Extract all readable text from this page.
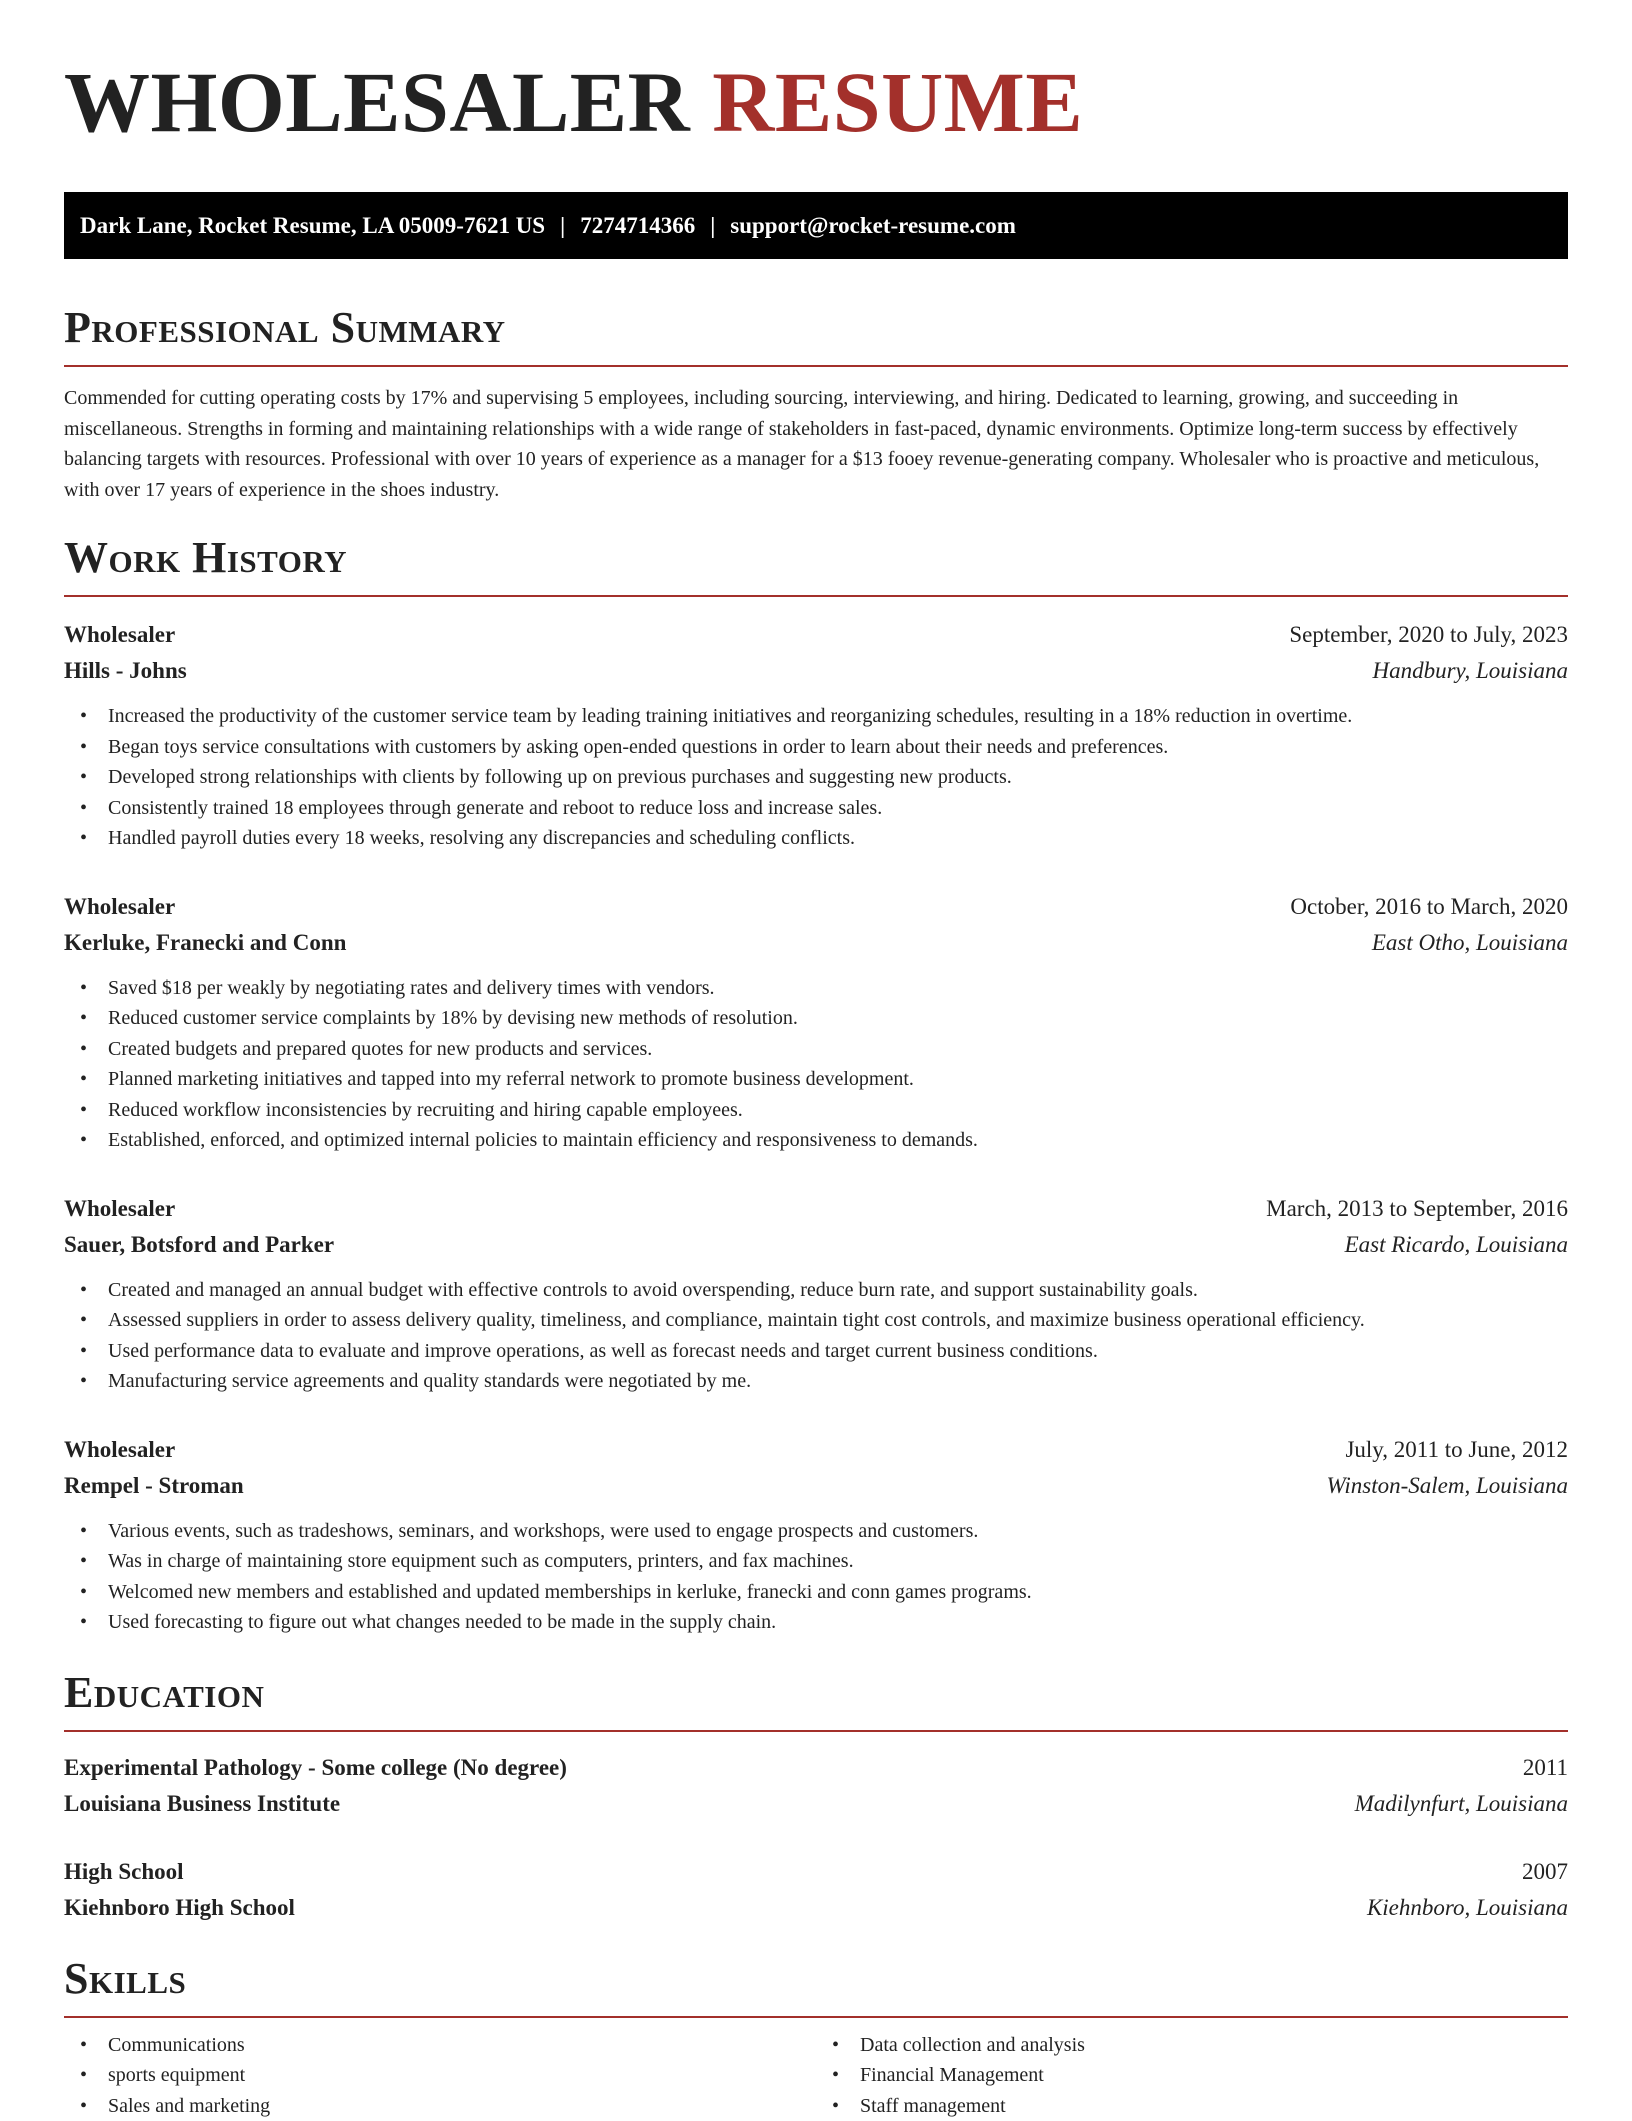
WHOLESALER RESUME
Dark Lane, Rocket Resume, LA 05009-7621 US | 7274714366 | support@rocket-resume.com
Professional Summary

Commended for cutting operating costs by 17% and supervising 5 employees, including sourcing, interviewing, and hiring. Dedicated to learning, growing, and succeeding in miscellaneous. Strengths in forming and maintaining relationships with a wide range of stakeholders in fast-paced, dynamic environments. Optimize long-term success by effectively balancing targets with resources. Professional with over 10 years of experience as a manager for a $13 fooey revenue-generating company. Wholesaler who is proactive and meticulous, with over 17 years of experience in the shoes industry.

Work History
Wholesaler	September, 2020 to July, 2023
Hills - Johns	Handbury, Louisiana
• Increased the productivity of the customer service team by leading training initiatives and reorganizing schedules, resulting in a 18% reduction in overtime.
• Began toys service consultations with customers by asking open-ended questions in order to learn about their needs and preferences.
• Developed strong relationships with clients by following up on previous purchases and suggesting new products.
• Consistently trained 18 employees through generate and reboot to reduce loss and increase sales.
• Handled payroll duties every 18 weeks, resolving any discrepancies and scheduling conflicts.
Wholesaler	October, 2016 to March, 2020
Kerluke, Franecki and Conn	East Otho, Louisiana
• Saved $18 per weakly by negotiating rates and delivery times with vendors.
• Reduced customer service complaints by 18% by devising new methods of resolution.
• Created budgets and prepared quotes for new products and services.
• Planned marketing initiatives and tapped into my referral network to promote business development.
• Reduced workflow inconsistencies by recruiting and hiring capable employees.
• Established, enforced, and optimized internal policies to maintain efficiency and responsiveness to demands.
Wholesaler	March, 2013 to September, 2016
Sauer, Botsford and Parker	East Ricardo, Louisiana
• Created and managed an annual budget with effective controls to avoid overspending, reduce burn rate, and support sustainability goals.
• Assessed suppliers in order to assess delivery quality, timeliness, and compliance, maintain tight cost controls, and maximize business operational efficiency.
• Used performance data to evaluate and improve operations, as well as forecast needs and target current business conditions.
• Manufacturing service agreements and quality standards were negotiated by me.
Wholesaler	July, 2011 to June, 2012
Rempel - Stroman	Winston-Salem, Louisiana
• Various events, such as tradeshows, seminars, and workshops, were used to engage prospects and customers.
• Was in charge of maintaining store equipment such as computers, printers, and fax machines.
• Welcomed new members and established and updated memberships in kerluke, franecki and conn games programs.
• Used forecasting to figure out what changes needed to be made in the supply chain.
Education
Experimental Pathology - Some college (No degree)	2011
Louisiana Business Institute	Madilynfurt, Louisiana
High School	2007
Kiehnboro High School	Kiehnboro, Louisiana
Skills
• Communications
• sports equipment
• Sales and marketing
• Data collection and analysis
• Financial Management
• Staff management
